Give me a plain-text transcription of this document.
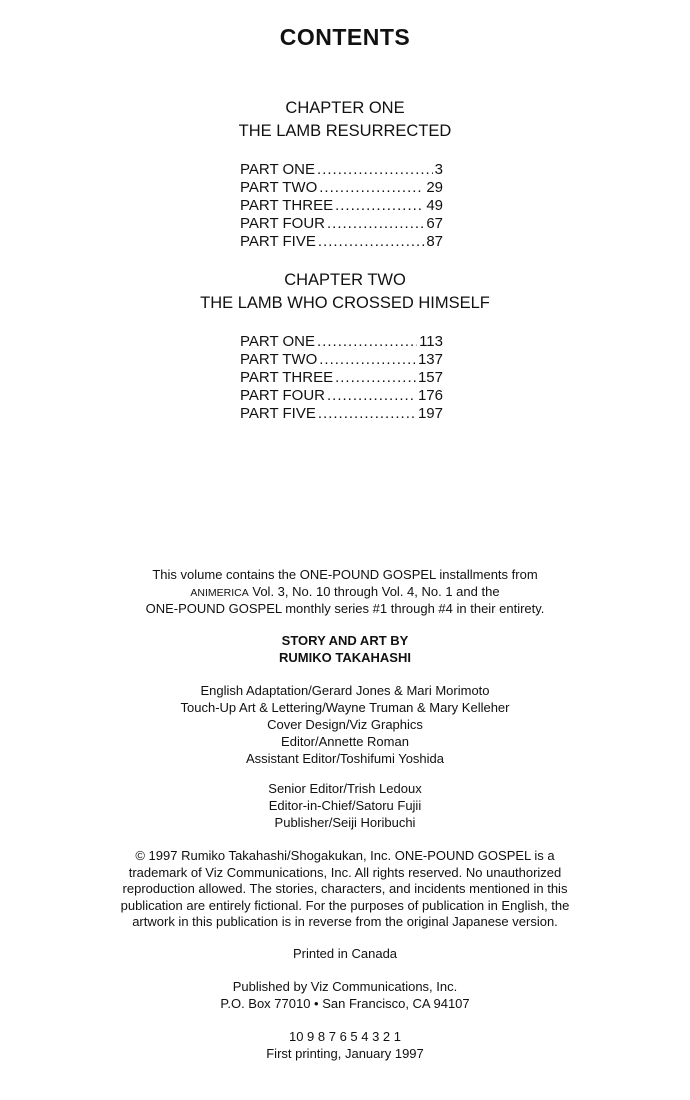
CONTENTS
CHAPTER ONE
THE LAMB RESURRECTED
PART ONE .....	3
PART TWO .....	29
PART THREE .....	49
PART FOUR .....	67
PART FIVE .....	87
CHAPTER TWO
THE LAMB WHO CROSSED HIMSELF
PART ONE .....	113
PART TWO .....	137
PART THREE .....	157
PART FOUR .....	176
PART FIVE .....	197
This volume contains the ONE-POUND GOSPEL installments from
ANIMERICA Vol. 3, No. 10 through Vol. 4, No. 1 and the
ONE-POUND GOSPEL monthly series #1 through #4 in their entirety.
STORY AND ART BY
RUMIKO TAKAHASHI
English Adaptation/Gerard Jones & Mari Morimoto
Touch-Up Art & Lettering/Wayne Truman & Mary Kelleher
Cover Design/Viz Graphics
Editor/Annette Roman
Assistant Editor/Toshifumi Yoshida
Senior Editor/Trish Ledoux
Editor-in-Chief/Satoru Fujii
Publisher/Seiji Horibuchi
© 1997 Rumiko Takahashi/Shogakukan, Inc. ONE-POUND GOSPEL is a
trademark of Viz Communications, Inc. All rights reserved. No unauthorized
reproduction allowed. The stories, characters, and incidents mentioned in this
publication are entirely fictional. For the purposes of publication in English, the
artwork in this publication is in reverse from the original Japanese version.
Printed in Canada
Published by Viz Communications, Inc.
P.O. Box 77010 • San Francisco, CA 94107
10 9 8 7 6 5 4 3 2 1
First printing, January 1997
